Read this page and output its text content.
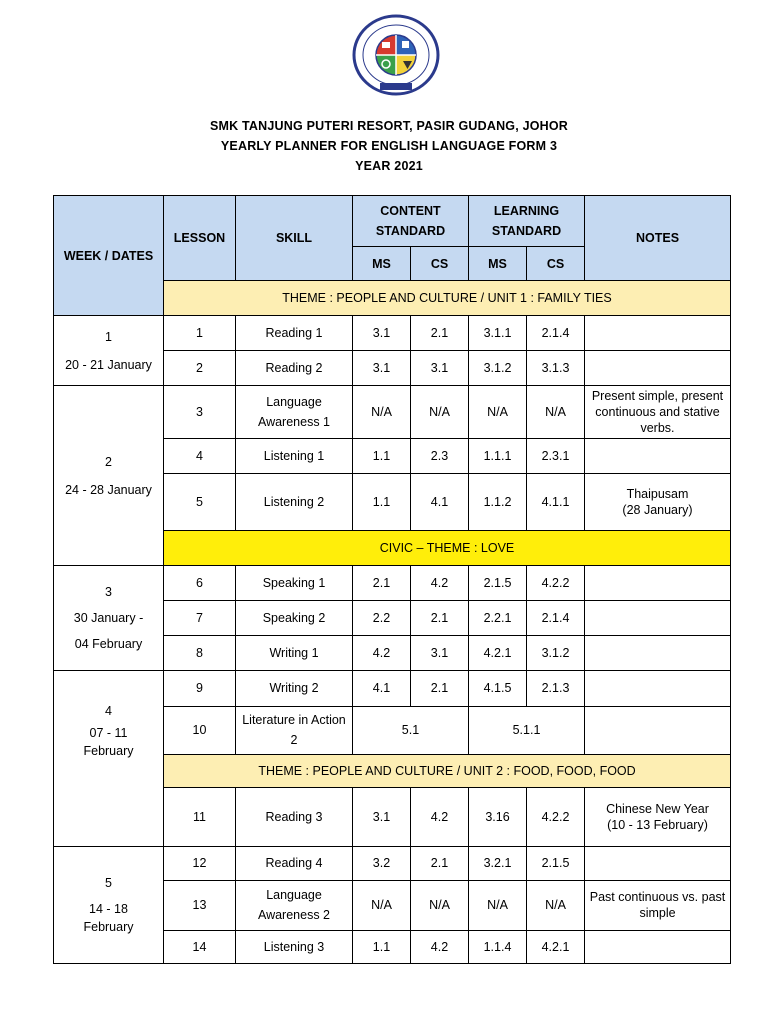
SMK TANJUNG PUTERI RESORT, PASIR GUDANG, JOHOR
YEARLY PLANNER FOR ENGLISH LANGUAGE FORM 3
YEAR 2021
WEEK / DATES	LESSON	SKILL	CONTENT STANDARD		LEARNING STANDARD		NOTES
			MS	CS	MS	CS	
	THEME : PEOPLE AND CULTURE / UNIT 1 : FAMILY TIES						

1
20 - 21 January	1	Reading 1	3.1	2.1	3.1.1	2.1.4	
	2	Reading 2	3.1	3.1	3.1.2	3.1.3	

2
24 - 28 January	3	Language Awareness 1	N/A	N/A	N/A	N/A	Present simple, present continuous and stative verbs.
	4	Listening 1	1.1	2.3	1.1.1	2.3.1	
	5	Listening 2	1.1	4.1	1.1.2	4.1.1	Thaipusam
(28 January)

	CIVIC – THEME : LOVE						

3
30 January -
04 February	6	Speaking 1	2.1	4.2	2.1.5	4.2.2	
	7	Speaking 2	2.2	2.1	2.2.1	2.1.4	
	8	Writing 1	4.2	3.1	4.2.1	3.1.2	

4
07 - 11
February	9	Writing 2	4.1	2.1	4.1.5	2.1.3	
	10	Literature in Action 2	5.1		5.1.1		
	THEME : PEOPLE AND CULTURE / UNIT 2 : FOOD, FOOD, FOOD						
	11	Reading 3	3.1	4.2	3.16	4.2.2	Chinese New Year
(10 - 13 February)

5
14 - 18
February	12	Reading 4	3.2	2.1	3.2.1	2.1.5	
	13	Language Awareness 2	N/A	N/A	N/A	N/A	Past continuous vs. past simple
	14	Listening 3	1.1	4.2	1.1.4	4.2.1	
